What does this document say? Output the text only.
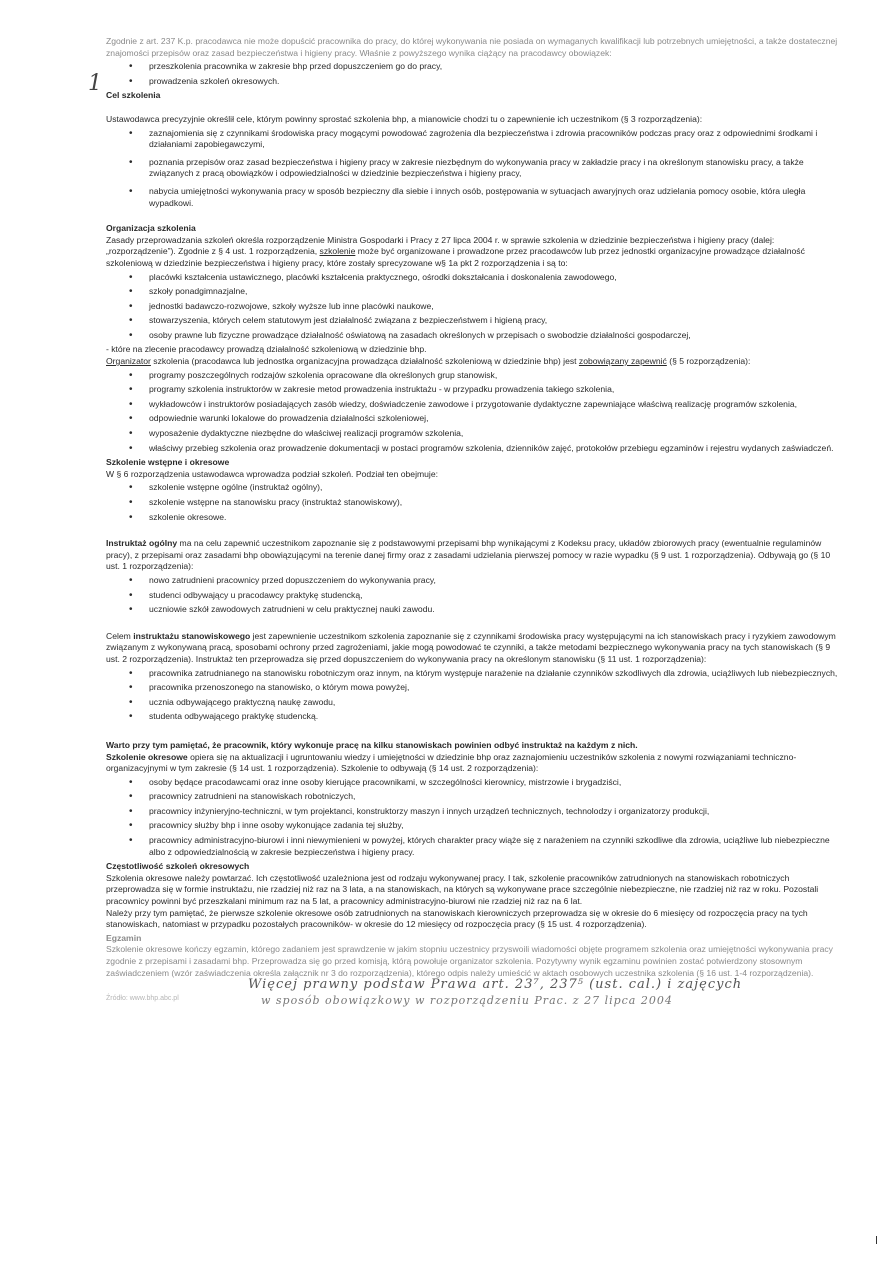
1

Zgodnie z art. 237 K.p. pracodawca nie może dopuścić pracownika do pracy, do której wykonywania nie posiada on wymaganych kwalifikacji lub potrzebnych umiejętności, a także dostatecznej znajomości przepisów oraz zasad bezpieczeństwa i higieny pracy. Właśnie z powyższego wynika ciążący na pracodawcy obowiązek:

• przeszkolenia pracownika w zakresie bhp przed dopuszczeniem go do pracy,
• prowadzenia szkoleń okresowych.

Cel szkolenia

Ustawodawca precyzyjnie określił cele, którym powinny sprostać szkolenia bhp, a mianowicie chodzi tu o zapewnienie ich uczestnikom (§ 3 rozporządzenia):

• zaznajomienia się z czynnikami środowiska pracy mogącymi powodować zagrożenia dla bezpieczeństwa i zdrowia pracowników podczas pracy oraz z odpowiednimi środkami i działaniami zapobiegawczymi,
• poznania przepisów oraz zasad bezpieczeństwa i higieny pracy w zakresie niezbędnym do wykonywania pracy w zakładzie pracy i na określonym stanowisku pracy, a także związanych z pracą obowiązków i odpowiedzialności w dziedzinie bezpieczeństwa i higieny pracy,
• nabycia umiejętności wykonywania pracy w sposób bezpieczny dla siebie i innych osób, postępowania w sytuacjach awaryjnych oraz udzielania pomocy osobie, która uległa wypadkowi.

Organizacja szkolenia

Zasady przeprowadzania szkoleń określa rozporządzenie Ministra Gospodarki i Pracy z 27 lipca 2004 r. w sprawie szkolenia w dziedzinie bezpieczeństwa i higieny pracy (dalej: „rozporządzenie”). Zgodnie z § 4 ust. 1 rozporządzenia, szkolenie może być organizowane i prowadzone przez pracodawców lub przez jednostki organizacyjne prowadzące działalność szkoleniową w dziedzinie bezpieczeństwa i higieny pracy, które zostały sprecyzowane w§ 1a pkt 2 rozporządzenia i są to:

• placówki kształcenia ustawicznego, placówki kształcenia praktycznego, ośrodki dokształcania i doskonalenia zawodowego,
• szkoły ponadgimnazjalne,
• jednostki badawczo-rozwojowe, szkoły wyższe lub inne placówki naukowe,
• stowarzyszenia, których celem statutowym jest działalność związana z bezpieczeństwem i higieną pracy,
• osoby prawne lub fizyczne prowadzące działalność oświatową na zasadach określonych w przepisach o swobodzie działalności gospodarczej,

- które na zlecenie pracodawcy prowadzą działalność szkoleniową w dziedzinie bhp.

Organizator szkolenia (pracodawca lub jednostka organizacyjna prowadząca działalność szkoleniową w dziedzinie bhp) jest zobowiązany zapewnić (§ 5 rozporządzenia):

• programy poszczególnych rodzajów szkolenia opracowane dla określonych grup stanowisk,
• programy szkolenia instruktorów w zakresie metod prowadzenia instruktażu - w przypadku prowadzenia takiego szkolenia,
• wykładowców i instruktorów posiadających zasób wiedzy, doświadczenie zawodowe i przygotowanie dydaktyczne zapewniające właściwą realizację programów szkolenia,
• odpowiednie warunki lokalowe do prowadzenia działalności szkoleniowej,
• wyposażenie dydaktyczne niezbędne do właściwej realizacji programów szkolenia,
• właściwy przebieg szkolenia oraz prowadzenie dokumentacji w postaci programów szkolenia, dzienników zajęć, protokołów przebiegu egzaminów i rejestru wydanych zaświadczeń.

Szkolenie wstępne i okresowe

W § 6 rozporządzenia ustawodawca wprowadza podział szkoleń. Podział ten obejmuje:

• szkolenie wstępne ogólne (instruktaż ogólny),
• szkolenie wstępne na stanowisku pracy (instruktaż stanowiskowy),
• szkolenie okresowe.

Instruktaż ogólny ma na celu zapewnić uczestnikom zapoznanie się z podstawowymi przepisami bhp wynikającymi z Kodeksu pracy, układów zbiorowych pracy (ewentualnie regulaminów pracy), z przepisami oraz zasadami bhp obowiązującymi na terenie danej firmy oraz z zasadami udzielania pierwszej pomocy w razie wypadku (§ 9 ust. 1 rozporządzenia). Odbywają go (§ 10 ust. 1 rozporządzenia):

• nowo zatrudnieni pracownicy przed dopuszczeniem do wykonywania pracy,
• studenci odbywający u pracodawcy praktykę studencką,
• uczniowie szkół zawodowych zatrudnieni w celu praktycznej nauki zawodu.

Celem instruktażu stanowiskowego jest zapewnienie uczestnikom szkolenia zapoznanie się z czynnikami środowiska pracy występującymi na ich stanowiskach pracy i ryzykiem zawodowym związanym z wykonywaną pracą, sposobami ochrony przed zagrożeniami, jakie mogą powodować te czynniki, a także metodami bezpiecznego wykonywania pracy na tych stanowiskach (§ 9 ust. 2 rozporządzenia). Instruktaż ten przeprowadza się przed dopuszczeniem do wykonywania pracy na określonym stanowisku (§ 11 ust. 1 rozporządzenia):

• pracownika zatrudnianego na stanowisku robotniczym oraz innym, na którym występuje narażenie na działanie czynników szkodliwych dla zdrowia, uciążliwych lub niebezpiecznych,
• pracownika przenoszonego na stanowisko, o którym mowa powyżej,
• ucznia odbywającego praktyczną naukę zawodu,
• studenta odbywającego praktykę studencką.

Warto przy tym pamiętać, że pracownik, który wykonuje pracę na kilku stanowiskach powinien odbyć instruktaż na każdym z nich.

Szkolenie okresowe opiera się na aktualizacji i ugruntowaniu wiedzy i umiejętności w dziedzinie bhp oraz zaznajomieniu uczestników szkolenia z nowymi rozwiązaniami techniczno-organizacyjnymi w tym zakresie (§ 14 ust. 1 rozporządzenia). Szkolenie to odbywają (§ 14 ust. 2 rozporządzenia):

• osoby będące pracodawcami oraz inne osoby kierujące pracownikami, w szczególności kierownicy, mistrzowie i brygadziści,
• pracownicy zatrudnieni na stanowiskach robotniczych,
• pracownicy inżynieryjno-techniczni, w tym projektanci, konstruktorzy maszyn i innych urządzeń technicznych, technolodzy i organizatorzy produkcji,
• pracownicy służby bhp i inne osoby wykonujące zadania tej służby,
• pracownicy administracyjno-biurowi i inni niewymienieni w powyżej, których charakter pracy wiąże się z narażeniem na czynniki szkodliwe dla zdrowia, uciążliwe lub niebezpieczne albo z odpowiedzialnością w zakresie bezpieczeństwa i higieny pracy.

Częstotliwość szkoleń okresowych

Szkolenia okresowe należy powtarzać. Ich częstotliwość uzależniona jest od rodzaju wykonywanej pracy. I tak, szkolenie pracowników zatrudnionych na stanowiskach robotniczych przeprowadza się w formie instruktażu, nie rzadziej niż raz na 3 lata, a na stanowiskach, na których są wykonywane prace szczególnie niebezpieczne, nie rzadziej niż raz w roku. Pozostali pracownicy powinni być przeszkalani minimum raz na 5 lat, a pracownicy administracyjno-biurowi nie rzadziej niż raz na 6 lat.

Należy przy tym pamiętać, że pierwsze szkolenie okresowe osób zatrudnionych na stanowiskach kierowniczych przeprowadza się w okresie do 6 miesięcy od rozpoczęcia pracy na tych stanowiskach, natomiast w przypadku pozostałych pracowników- w okresie do 12 miesięcy od rozpoczęcia pracy (§ 15 ust. 4 rozporządzenia).

Egzamin

Szkolenie okresowe kończy egzamin, którego zadaniem jest sprawdzenie w jakim stopniu uczestnicy przyswoili wiadomości objęte programem szkolenia oraz umiejętności wykonywania pracy zgodnie z przepisami i zasadami bhp. Przeprowadza się go przed komisją, którą powołuje organizator szkolenia. Pozytywny wynik egzaminu powinien zostać potwierdzony stosownym zaświadczeniem (wzór zaświadczenia określa załącznik nr 3 do rozporządzenia), którego odpis należy umieścić w aktach osobowych uczestnika szkolenia (§ 16 ust. 1-4 rozporządzenia).

Źródło: www.bhp.abc.pl
Więcej prawny podstaw Prawa art. 23⁷, 237⁵ (ust. cal.) i zajęcych
w sposób obowiązkowy w rozporządzeniu Prac. z 27 lipca 2004
